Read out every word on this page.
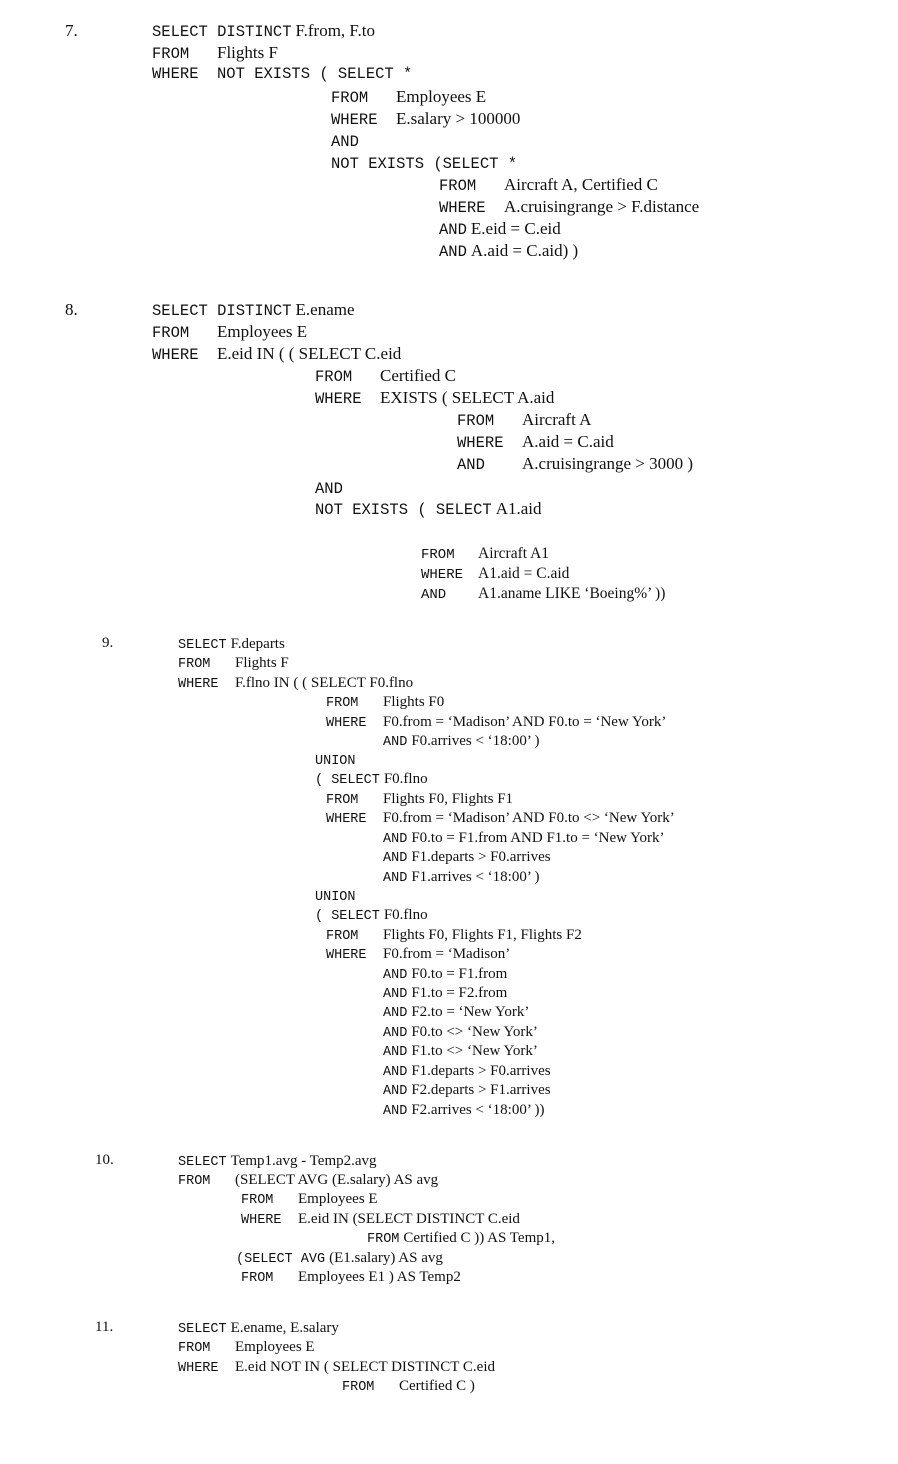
7.	SELECT DISTINCT F.from, F.to
FROM Flights F
WHERE NOT EXISTS ( SELECT *
FROM Employees E
WHERE E.salary > 100000
AND
NOT EXISTS (SELECT *
FROM Aircraft A, Certified C
WHERE A.cruisingrange > F.distance
AND E.eid = C.eid
AND A.aid = C.aid) )
8.	SELECT DISTINCT E.ename
FROM Employees E
WHERE E.eid IN ( ( SELECT C.eid
FROM Certified C
WHERE EXISTS ( SELECT A.aid
FROM Aircraft A
WHERE A.aid = C.aid
AND A.cruisingrange > 3000 )
AND
NOT EXISTS ( SELECT A1.aid
FROM Aircraft A1
WHERE A1.aid = C.aid
AND A1.aname LIKE ‘Boeing%’ ))
9.	SELECT F.departs
FROM Flights F
WHERE F.flno IN ( ( SELECT F0.flno
FROM Flights F0
WHERE F0.from = ‘Madison’ AND F0.to = ‘New York’
AND F0.arrives < ‘18:00’ )
UNION
( SELECT F0.flno
FROM Flights F0, Flights F1
WHERE F0.from = ‘Madison’ AND F0.to <> ‘New York’
AND F0.to = F1.from AND F1.to = ‘New York’
AND F1.departs > F0.arrives
AND F1.arrives < ‘18:00’ )
UNION
( SELECT F0.flno
FROM Flights F0, Flights F1, Flights F2
WHERE F0.from = ‘Madison’
AND F0.to = F1.from
AND F1.to = F2.from
AND F2.to = ‘New York’
AND F0.to <> ‘New York’
AND F1.to <> ‘New York’
AND F1.departs > F0.arrives
AND F2.departs > F1.arrives
AND F2.arrives < ‘18:00’ ))
10.	SELECT Temp1.avg - Temp2.avg
FROM (SELECT AVG (E.salary) AS avg
FROM Employees E
WHERE E.eid IN (SELECT DISTINCT C.eid
FROM Certified C )) AS Temp1,
(SELECT AVG (E1.salary) AS avg
FROM Employees E1 ) AS Temp2
11.	SELECT E.ename, E.salary
FROM Employees E
WHERE E.eid NOT IN ( SELECT DISTINCT C.eid
FROM Certified C )
